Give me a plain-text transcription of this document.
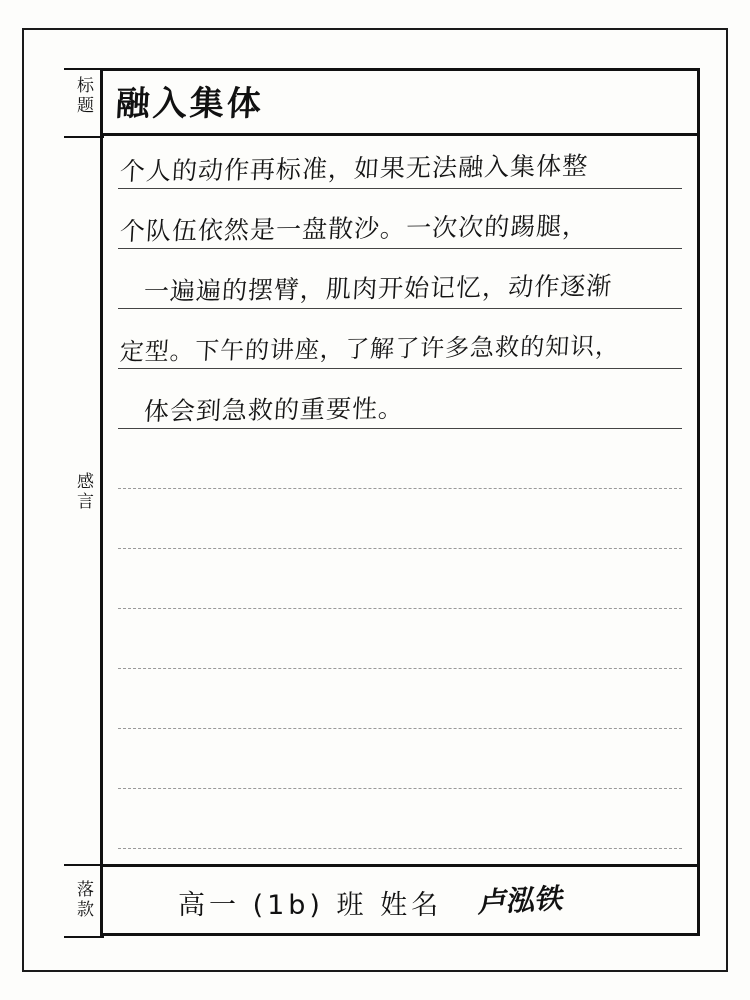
标
题
感
言
落
款
融入集体
个人的动作再标准，如果无法融入集体整
个队伍依然是一盘散沙。一次次的踢腿，
一遍遍的摆臂，肌肉开始记忆，动作逐渐
定型。下午的讲座，了解了许多急救的知识，
体会到急救的重要性。
高一 (1b) 班 姓名 卢泓铁
